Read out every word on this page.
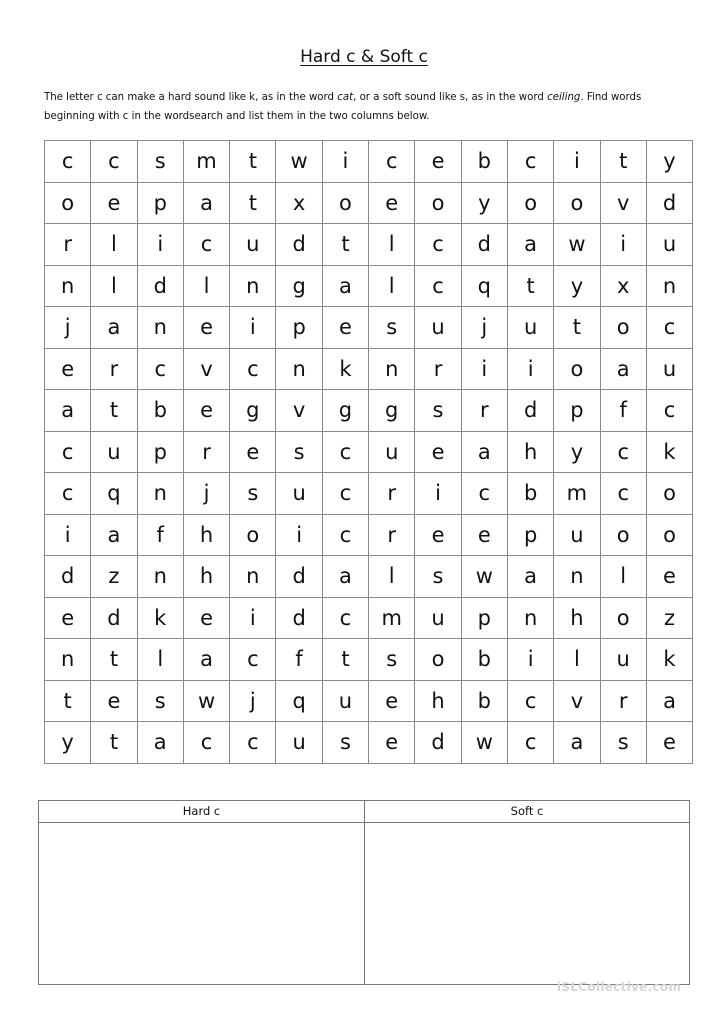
Hard c & Soft c
The letter c can make a hard sound like k, as in the word cat, or a soft sound like s, as in the word ceiling. Find words beginning with c in the wordsearch and list them in the two columns below.
c	c	s	m	t	w	i	c	e	b	c	i	t	y
o	e	p	a	t	x	o	e	o	y	o	o	v	d
r	l	i	c	u	d	t	l	c	d	a	w	i	u
n	l	d	l	n	g	a	l	c	q	t	y	x	n
j	a	n	e	i	p	e	s	u	j	u	t	o	c
e	r	c	v	c	n	k	n	r	i	i	o	a	u
a	t	b	e	g	v	g	g	s	r	d	p	f	c
c	u	p	r	e	s	c	u	e	a	h	y	c	k
c	q	n	j	s	u	c	r	i	c	b	m	c	o
i	a	f	h	o	i	c	r	e	e	p	u	o	o
d	z	n	h	n	d	a	l	s	w	a	n	l	e
e	d	k	e	i	d	c	m	u	p	n	h	o	z
n	t	l	a	c	f	t	s	o	b	i	l	u	k
t	e	s	w	j	q	u	e	h	b	c	v	r	a
y	t	a	c	c	u	s	e	d	w	c	a	s	e
Hard c	Soft c
iSLCollective.com
